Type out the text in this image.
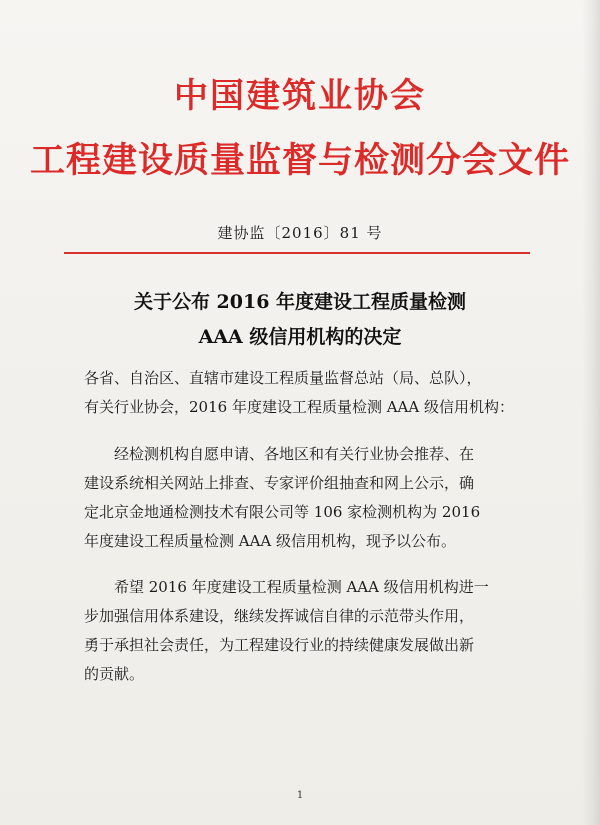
中国建筑业协会
工程建设质量监督与检测分会文件
建协监〔2016〕81 号
关于公布 2016 年度建设工程质量检测
AAA 级信用机构的决定
各省、自治区、直辖市建设工程质量监督总站（局、总队），
有关行业协会，2016 年度建设工程质量检测 AAA 级信用机构：
经检测机构自愿申请、各地区和有关行业协会推荐、在
建设系统相关网站上排查、专家评价组抽查和网上公示，确
定北京金地通检测技术有限公司等 106 家检测机构为 2016
年度建设工程质量检测 AAA 级信用机构，现予以公布。
希望 2016 年度建设工程质量检测 AAA 级信用机构进一
步加强信用体系建设，继续发挥诚信自律的示范带头作用，
勇于承担社会责任，为工程建设行业的持续健康发展做出新
的贡献。
1
